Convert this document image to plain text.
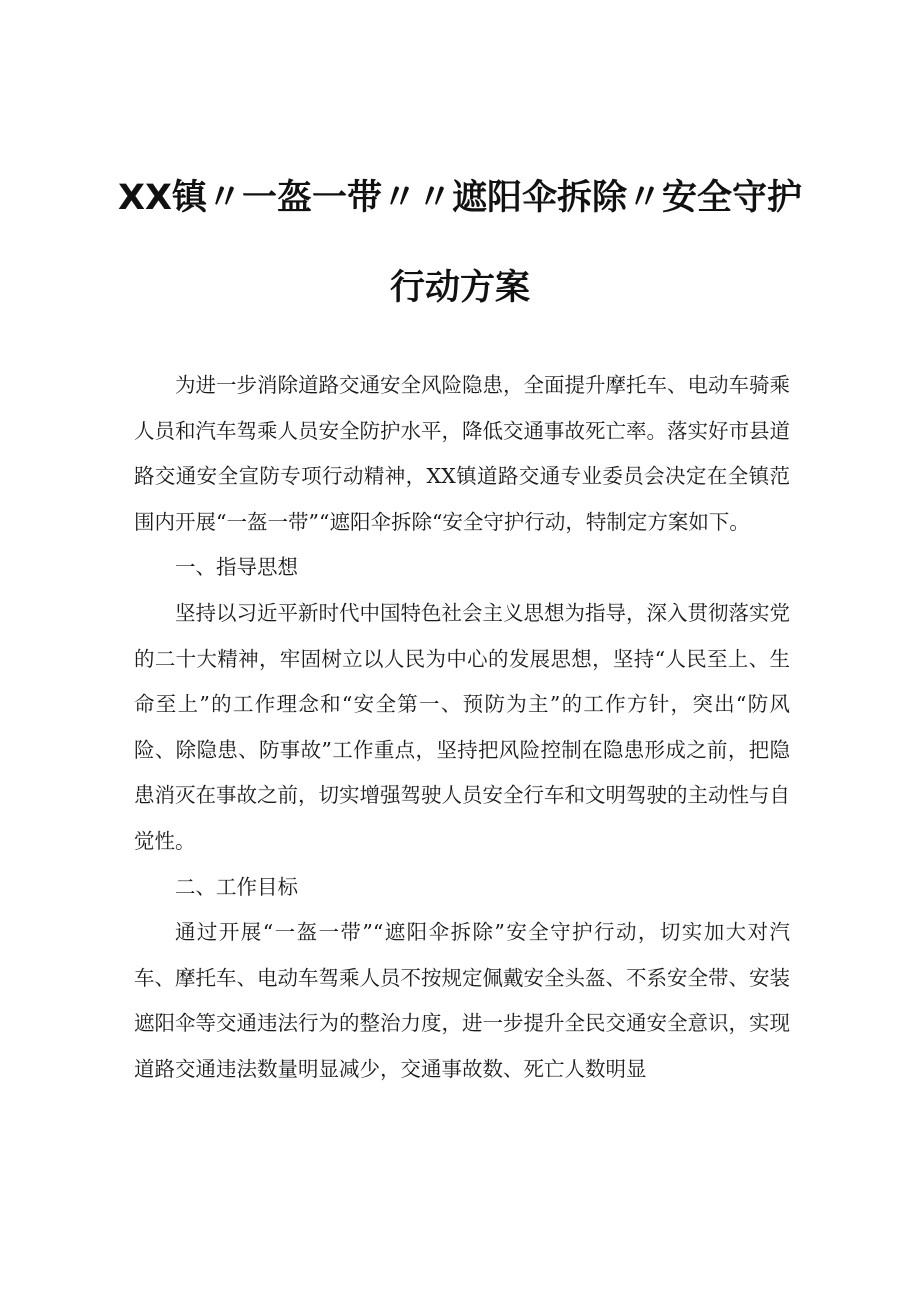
XX镇〃一盔一带〃〃遮阳伞拆除〃安全守护
行动方案

为进一步消除道路交通安全风险隐患，全面提升摩托车、电动车骑乘人员和汽车驾乘人员安全防护水平，降低交通事故死亡率。落实好市县道路交通安全宣防专项行动精神，XX镇道路交通专业委员会决定在全镇范围内开展“一盔一带”“遮阳伞拆除“安全守护行动，特制定方案如下。

一、指导思想

坚持以习近平新时代中国特色社会主义思想为指导，深入贯彻落实党的二十大精神，牢固树立以人民为中心的发展思想，坚持“人民至上、生命至上”的工作理念和“安全第一、预防为主”的工作方针，突出“防风险、除隐患、防事故”工作重点，坚持把风险控制在隐患形成之前，把隐患消灭在事故之前，切实增强驾驶人员安全行车和文明驾驶的主动性与自觉性。

二、工作目标

通过开展“一盔一带”“遮阳伞拆除”安全守护行动，切实加大对汽车、摩托车、电动车驾乘人员不按规定佩戴安全头盔、不系安全带、安装遮阳伞等交通违法行为的整治力度，进一步提升全民交通安全意识，实现道路交通违法数量明显减少，交通事故数、死亡人数明显
